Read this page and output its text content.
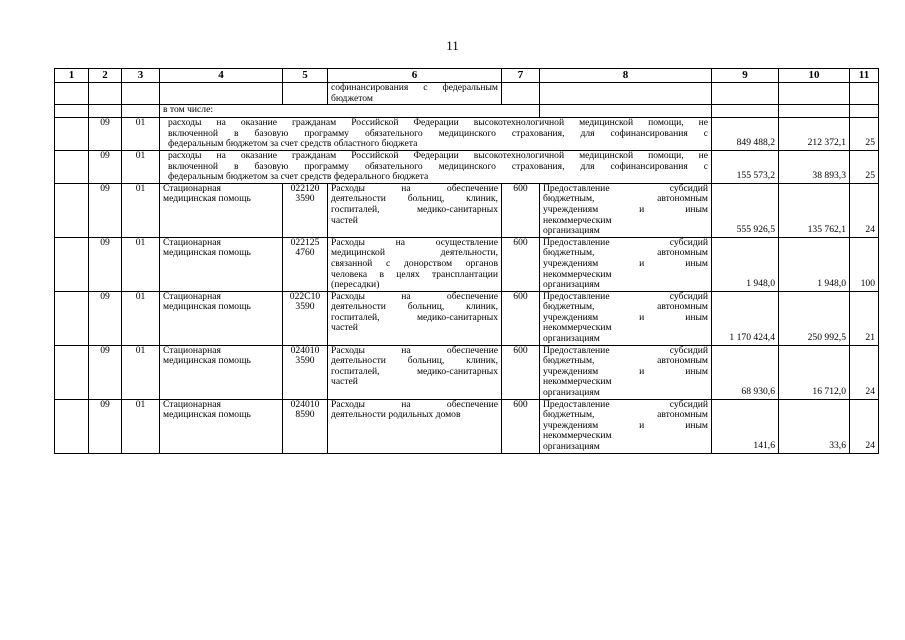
11
1	2	3	4	5	6	7	8	9	10	11

					софинансирования с федеральным
бюджетом					

			в том числе:							
	09	01	расходы на оказание гражданам Российской Федерации высокотехнологичной медицинской помощи, не
включенной в базовую программу обязательного медицинского страхования, для софинансирования с
федеральным бюджетом за счет средств областного бюджета					849 488,2	212 372,1	25
	09	01	расходы на оказание гражданам Российской Федерации высокотехнологичной медицинской помощи, не
включенной в базовую программу обязательного медицинского страхования, для софинансирования с
федеральным бюджетом за счет средств федерального бюджета					155 573,2	38 893,3	25
	09	01	Стационарная
медицинская помощь	022120
3590	Расходы на обеспечение
деятельности больниц, клиник,
госпиталей, медико-санитарных
частей	600	Предоставление субсидий
бюджетным, автономным
учреждениям и иным
некоммерческим
организациям	555 926,5	135 762,1	24
	09	01	Стационарная
медицинская помощь	022125
4760	Расходы на осуществление
медицинской деятельности,
связанной с донорством органов
человека в целях трансплантации
(пересадки)	600	Предоставление субсидий
бюджетным, автономным
учреждениям и иным
некоммерческим
организациям	1 948,0	1 948,0	100
	09	01	Стационарная
медицинская помощь	022С10
3590	Расходы на обеспечение
деятельности больниц, клиник,
госпиталей, медико-санитарных
частей	600	Предоставление субсидий
бюджетным, автономным
учреждениям и иным
некоммерческим
организациям	1 170 424,4	250 992,5	21
	09	01	Стационарная
медицинская помощь	024010
3590	Расходы на обеспечение
деятельности больниц, клиник,
госпиталей, медико-санитарных
частей	600	Предоставление субсидий
бюджетным, автономным
учреждениям и иным
некоммерческим
организациям	68 930,6	16 712,0	24
	09	01	Стационарная
медицинская помощь	024010
8590	Расходы на обеспечение
деятельности родильных домов	600	Предоставление субсидий
бюджетным, автономным
учреждениям и иным
некоммерческим
организациям	141,6	33,6	24
